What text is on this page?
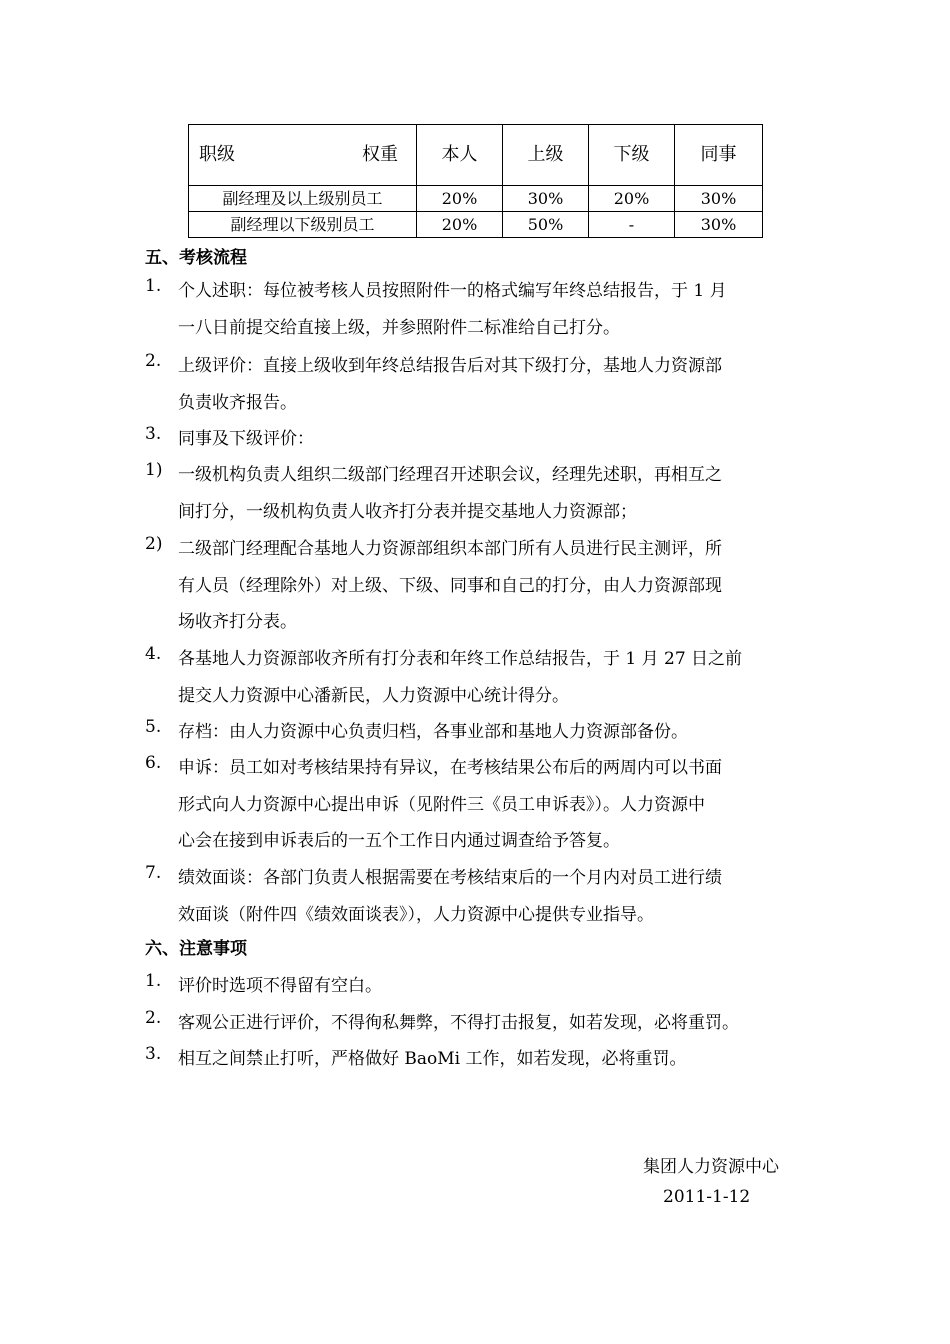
职级 权重	本人	上级	下级	同事
副经理及以上级别员工	20%	30%	20%	30%
副经理以下级别员工	20%	50%	-	30%
五、考核流程
1. 个人述职：每位被考核人员按照附件一的格式编写年终总结报告，于 1 月
一八日前提交给直接上级，并参照附件二标准给自己打分。
2. 上级评价：直接上级收到年终总结报告后对其下级打分，基地人力资源部
负责收齐报告。
3. 同事及下级评价：
1) 一级机构负责人组织二级部门经理召开述职会议，经理先述职，再相互之
间打分，一级机构负责人收齐打分表并提交基地人力资源部；
2) 二级部门经理配合基地人力资源部组织本部门所有人员进行民主测评，所
有人员（经理除外）对上级、下级、同事和自己的打分，由人力资源部现
场收齐打分表。
4. 各基地人力资源部收齐所有打分表和年终工作总结报告，于 1 月 27 日之前
提交人力资源中心潘新民，人力资源中心统计得分。
5. 存档：由人力资源中心负责归档，各事业部和基地人力资源部备份。
6. 申诉：员工如对考核结果持有异议，在考核结果公布后的两周内可以书面
形式向人力资源中心提出申诉（见附件三《员工申诉表》）。人力资源中
心会在接到申诉表后的一五个工作日内通过调查给予答复。
7. 绩效面谈：各部门负责人根据需要在考核结束后的一个月内对员工进行绩
效面谈（附件四《绩效面谈表》），人力资源中心提供专业指导。
六、注意事项
1. 评价时选项不得留有空白。
2. 客观公正进行评价，不得徇私舞弊，不得打击报复，如若发现，必将重罚。
3. 相互之间禁止打听，严格做好 BaoMi 工作，如若发现，必将重罚。
集团人力资源中心
2011-1-12
